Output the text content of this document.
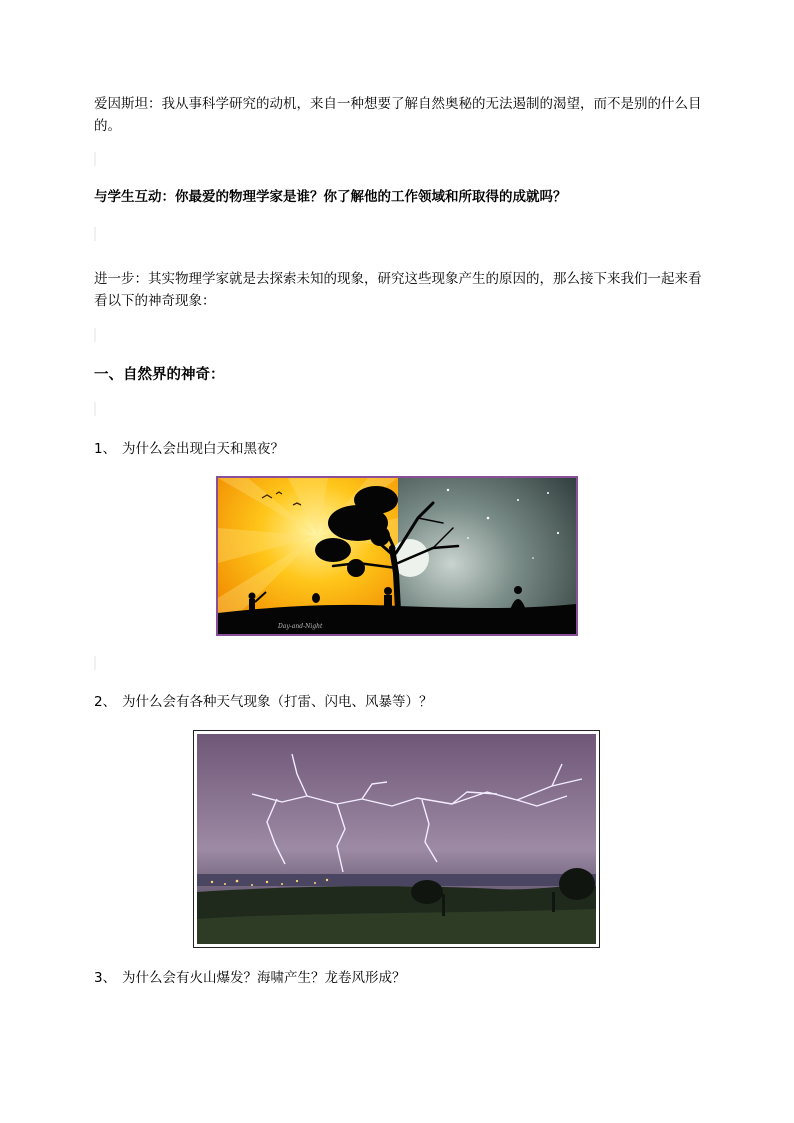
爱因斯坦：我从事科学研究的动机，来自一种想要了解自然奥秘的无法遏制的渴望，而不是别的什么目的。

与学生互动：你最爱的物理学家是谁？你了解他的工作领域和所取得的成就吗？

进一步：其实物理学家就是去探索未知的现象，研究这些现象产生的原因的，那么接下来我们一起来看看以下的神奇现象：

一、自然界的神奇：

1、 为什么会出现白天和黑夜？
Day-and-Night
2、 为什么会有各种天气现象（打雷、闪电、风暴等）？
3、 为什么会有火山爆发？海啸产生？龙卷风形成？
